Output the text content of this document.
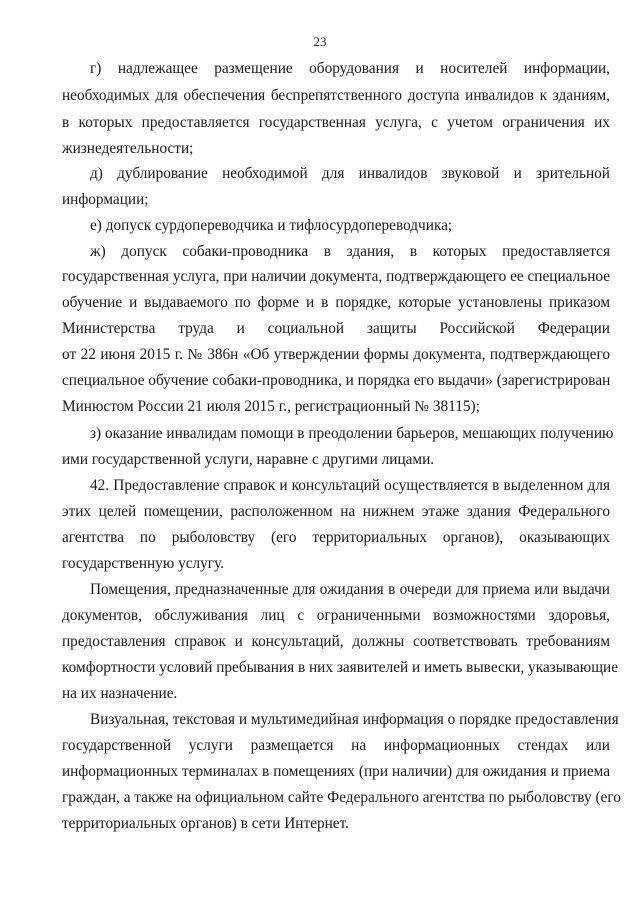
23
г) надлежащее размещение оборудования и носителей информации,
необходимых для обеспечения беспрепятственного доступа инвалидов к зданиям,
в которых предоставляется государственная услуга, с учетом ограничения их
жизнедеятельности;
д) дублирование необходимой для инвалидов звуковой и зрительной
информации;
е) допуск сурдопереводчика и тифлосурдопереводчика;
ж) допуск собаки-проводника в здания, в которых предоставляется
государственная услуга, при наличии документа, подтверждающего ее специальное
обучение и выдаваемого по форме и в порядке, которые установлены приказом
Министерства труда и социальной защиты Российской Федерации
от 22 июня 2015 г. № 386н «Об утверждении формы документа, подтверждающего
специальное обучение собаки-проводника, и порядка его выдачи» (зарегистрирован
Минюстом России 21 июля 2015 г., регистрационный № 38115);
з) оказание инвалидам помощи в преодолении барьеров, мешающих получению
ими государственной услуги, наравне с другими лицами.
42. Предоставление справок и консультаций осуществляется в выделенном для
этих целей помещении, расположенном на нижнем этаже здания Федерального
агентства по рыболовству (его территориальных органов), оказывающих
государственную услугу.
Помещения, предназначенные для ожидания в очереди для приема или выдачи
документов, обслуживания лиц с ограниченными возможностями здоровья,
предоставления справок и консультаций, должны соответствовать требованиям
комфортности условий пребывания в них заявителей и иметь вывески, указывающие
на их назначение.
Визуальная, текстовая и мультимедийная информация о порядке предоставления
государственной услуги размещается на информационных стендах или
информационных терминалах в помещениях (при наличии) для ожидания и приема
граждан, а также на официальном сайте Федерального агентства по рыболовству (его
территориальных органов) в сети Интернет.
